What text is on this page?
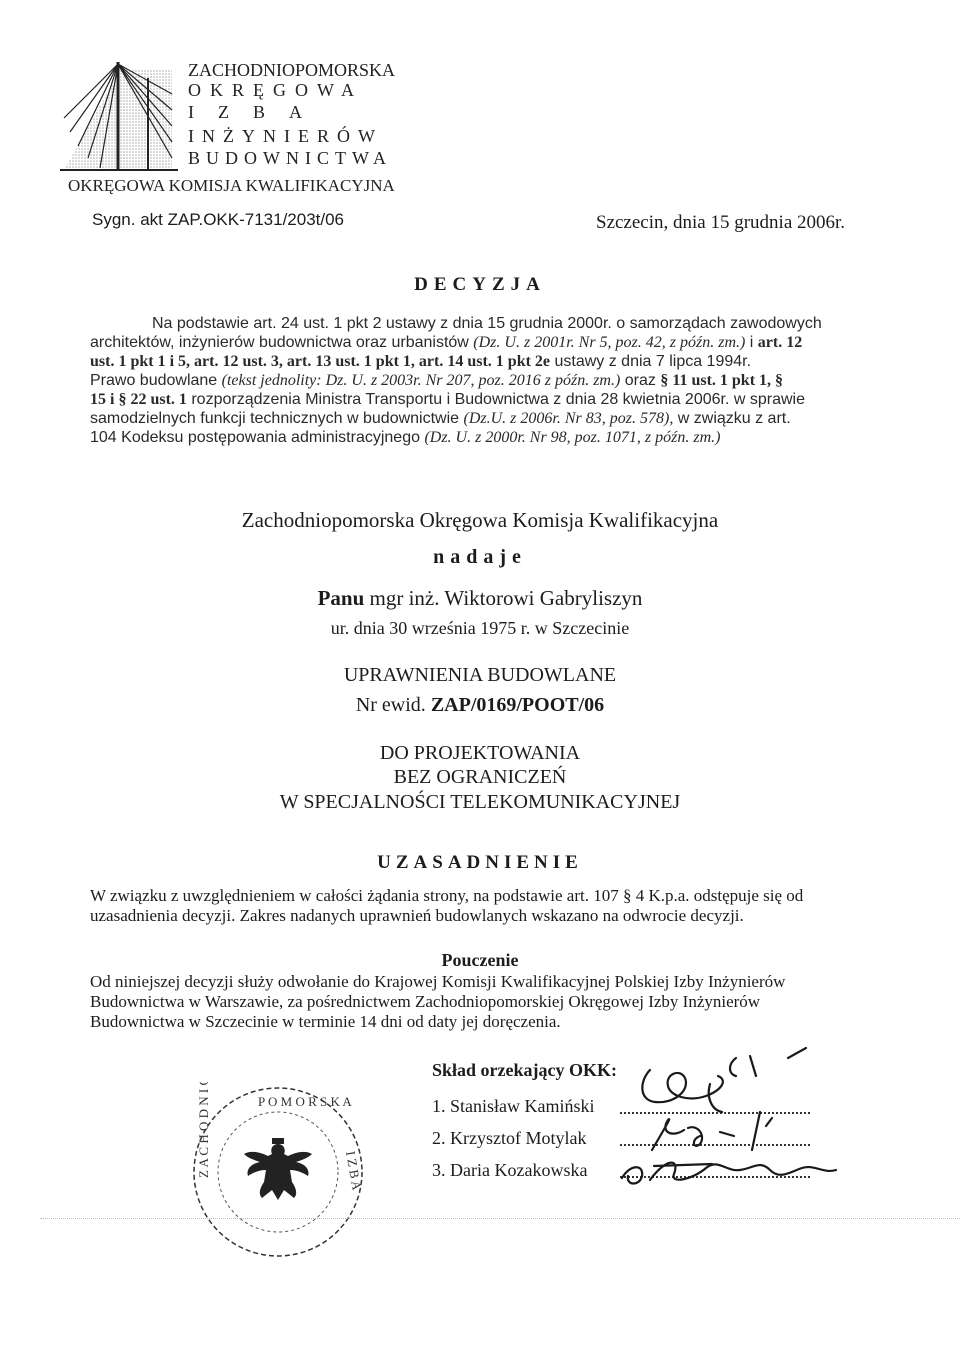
ZACHODNIOPOMORSKA
OKRĘGOWA
IZBA
INŻYNIERÓW
BUDOWNICTWA
OKRĘGOWA KOMISJA KWALIFIKACYJNA
Sygn. akt ZAP.OKK-7131/203t/06	Szczecin, dnia 15 grudnia 2006r.
DECYZJA
Na podstawie art. 24 ust. 1 pkt 2 ustawy z dnia 15 grudnia 2000r. o samorządach zawodowych
architektów, inżynierów budownictwa oraz urbanistów (Dz. U. z 2001r. Nr 5, poz. 42, z późn. zm.) i art. 12
ust. 1 pkt 1 i 5, art. 12 ust. 3, art. 13 ust. 1 pkt 1, art. 14 ust. 1 pkt 2e ustawy z dnia 7 lipca 1994r.
Prawo budowlane (tekst jednolity: Dz. U. z 2003r. Nr 207, poz. 2016 z późn. zm.) oraz § 11 ust. 1 pkt 1, §
15 i § 22 ust. 1 rozporządzenia Ministra Transportu i Budownictwa z dnia 28 kwietnia 2006r. w sprawie
samodzielnych funkcji technicznych w budownictwie (Dz.U. z 2006r. Nr 83, poz. 578), w związku z art.
104 Kodeksu postępowania administracyjnego (Dz. U. z 2000r. Nr 98, poz. 1071, z późn. zm.)
Zachodniopomorska Okręgowa Komisja Kwalifikacyjna
nadaje
Panu mgr inż. Wiktorowi Gabryliszyn
ur. dnia 30 września 1975 r. w Szczecinie
UPRAWNIENIA BUDOWLANE
Nr ewid. ZAP/0169/POOT/06
DO PROJEKTOWANIA
BEZ OGRANICZEŃ
W SPECJALNOŚCI TELEKOMUNIKACYJNEJ
UZASADNIENIE
W związku z uwzględnieniem w całości żądania strony, na podstawie art. 107 § 4 K.p.a. odstępuje się od
uzasadnienia decyzji. Zakres nadanych uprawnień budowlanych wskazano na odwrocie decyzji.
Pouczenie
Od niniejszej decyzji służy odwołanie do Krajowej Komisji Kwalifikacyjnej Polskiej Izby Inżynierów
Budownictwa w Warszawie, za pośrednictwem Zachodniopomorskiej Okręgowej Izby Inżynierów
Budownictwa w Szczecinie w terminie 14 dni od daty jej doręczenia.
Skład orzekający OKK:
1. Stanisław Kamiński
2. Krzysztof Motylak
3. Daria Kozakowska
P O M O R S K A
Z A C H O D N I O	I Z B A
